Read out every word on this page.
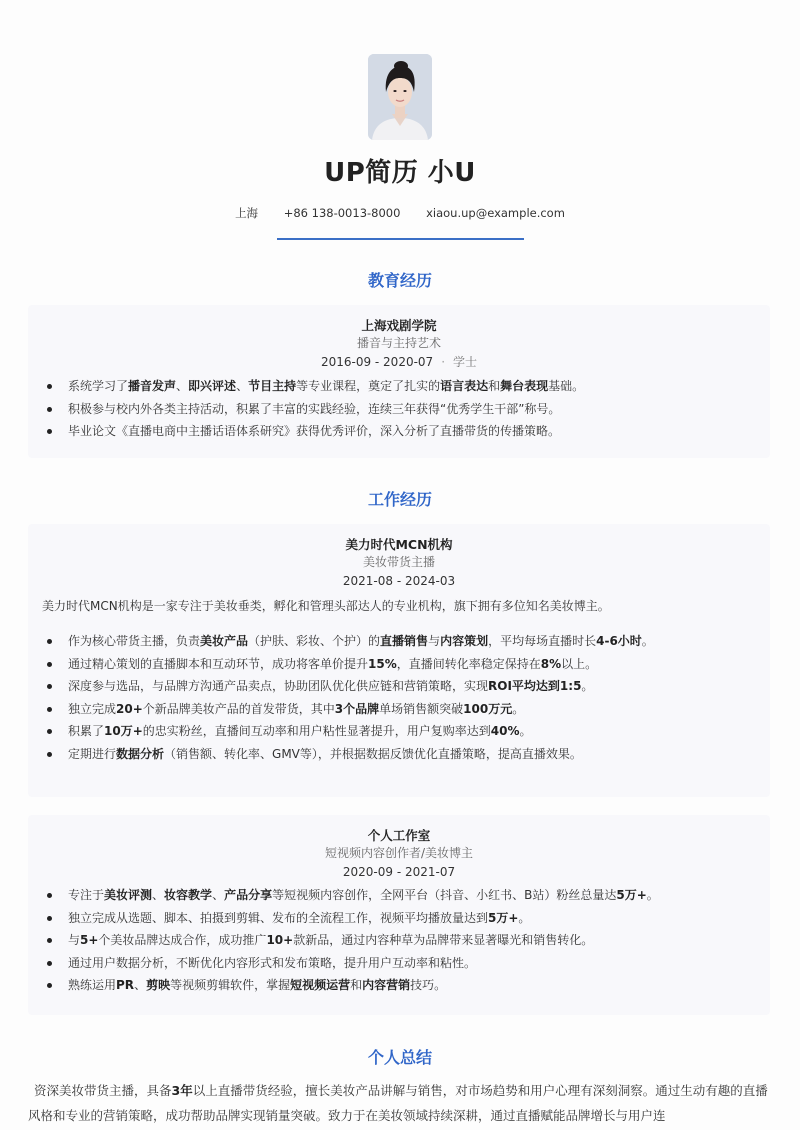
UP简历 小U
上海 +86 138-0013-8000 xiaou.up@example.com
教育经历
上海戏剧学院
播音与主持艺术
2016-09 - 2020-07 · 学士
系统学习了播音发声、即兴评述、节目主持等专业课程，奠定了扎实的语言表达和舞台表现基础。
积极参与校内外各类主持活动，积累了丰富的实践经验，连续三年获得“优秀学生干部”称号。
毕业论文《直播电商中主播话语体系研究》获得优秀评价，深入分析了直播带货的传播策略。
工作经历
美力时代MCN机构
美妆带货主播
2021-08 - 2024-03
美力时代MCN机构是一家专注于美妆垂类，孵化和管理头部达人的专业机构，旗下拥有多位知名美妆博主。
作为核心带货主播，负责美妆产品（护肤、彩妆、个护）的直播销售与内容策划，平均每场直播时长4-6小时。
通过精心策划的直播脚本和互动环节，成功将客单价提升15%，直播间转化率稳定保持在8%以上。
深度参与选品，与品牌方沟通产品卖点，协助团队优化供应链和营销策略，实现ROI平均达到1:5。
独立完成20+个新品牌美妆产品的首发带货，其中3个品牌单场销售额突破100万元。
积累了10万+的忠实粉丝，直播间互动率和用户粘性显著提升，用户复购率达到40%。
定期进行数据分析（销售额、转化率、GMV等），并根据数据反馈优化直播策略，提高直播效果。
个人工作室
短视频内容创作者/美妆博主
2020-09 - 2021-07
专注于美妆评测、妆容教学、产品分享等短视频内容创作，全网平台（抖音、小红书、B站）粉丝总量达5万+。
独立完成从选题、脚本、拍摄到剪辑、发布的全流程工作，视频平均播放量达到5万+。
与5+个美妆品牌达成合作，成功推广10+款新品，通过内容种草为品牌带来显著曝光和销售转化。
通过用户数据分析，不断优化内容形式和发布策略，提升用户互动率和粘性。
熟练运用PR、剪映等视频剪辑软件，掌握短视频运营和内容营销技巧。
个人总结
资深美妆带货主播，具备3年以上直播带货经验，擅长美妆产品讲解与销售，对市场趋势和用户心理有深刻洞察。通过生动有趣的直播风格和专业的营销策略，成功帮助品牌实现销量突破。致力于在美妆领域持续深耕，通过直播赋能品牌增长与用户连
